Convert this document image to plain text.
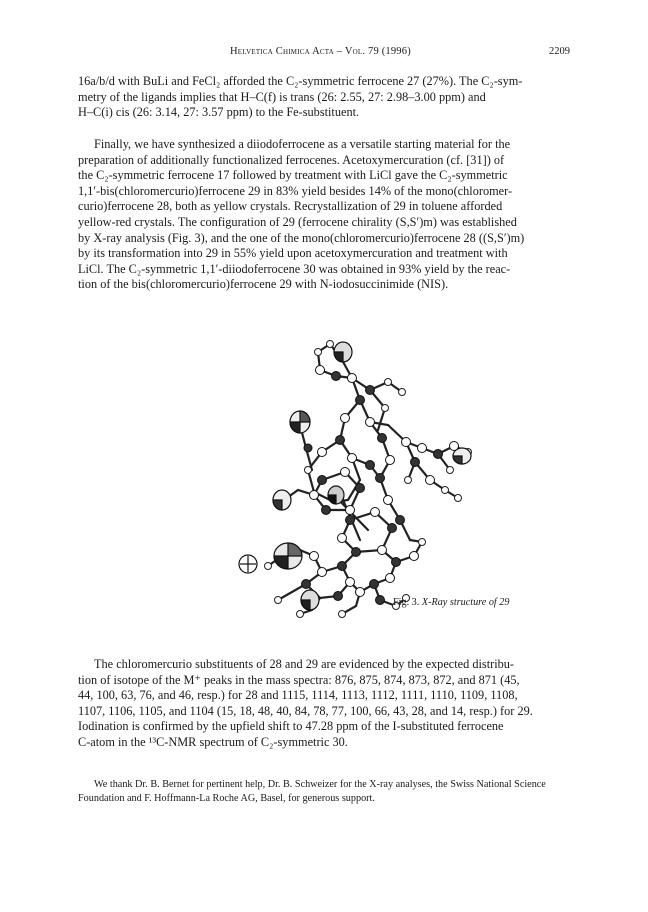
Helvetica Chimica Acta – Vol. 79 (1996)	2209

16a/b/d with BuLi and FeCl₂ afforded the C₂-symmetric ferrocene 27 (27%). The C₂-sym-
metry of the ligands implies that H–C(f) is trans (26: 2.55, 27: 2.98–3.00 ppm) and
H–C(i) cis (26: 3.14, 27: 3.57 ppm) to the Fe-substituent.

Finally, we have synthesized a diiodoferrocene as a versatile starting material for the
preparation of additionally functionalized ferrocenes. Acetoxymercuration (cf. [31]) of
the C₂-symmetric ferrocene 17 followed by treatment with LiCl gave the C₂-symmetric
1,1′-bis(chloromercurio)ferrocene 29 in 83% yield besides 14% of the mono(chloromer-
curio)ferrocene 28, both as yellow crystals. Recrystallization of 29 in toluene afforded
yellow-red crystals. The configuration of 29 (ferrocene chirality (S,S′)m) was established
by X-ray analysis (Fig. 3), and the one of the mono(chloromercurio)ferrocene 28 ((S,S′)m)
by its transformation into 29 in 55% yield upon acetoxymercuration and treatment with
LiCl. The C₂-symmetric 1,1′-diiodoferrocene 30 was obtained in 93% yield by the reac-
tion of the bis(chloromercurio)ferrocene 29 with N-iodosuccinimide (NIS).

Fig. 3. X-Ray structure of 29

The chloromercurio substituents of 28 and 29 are evidenced by the expected distribu-
tion of isotope of the M⁺ peaks in the mass spectra: 876, 875, 874, 873, 872, and 871 (45,
44, 100, 63, 76, and 46, resp.) for 28 and 1115, 1114, 1113, 1112, 1111, 1110, 1109, 1108,
1107, 1106, 1105, and 1104 (15, 18, 48, 40, 84, 78, 77, 100, 66, 43, 28, and 14, resp.) for 29.
Iodination is confirmed by the upfield shift to 47.28 ppm of the I-substituted ferrocene
C-atom in the ¹³C-NMR spectrum of C₂-symmetric 30.

We thank Dr. B. Bernet for pertinent help, Dr. B. Schweizer for the X-ray analyses, the Swiss National Science
Foundation and F. Hoffmann-La Roche AG, Basel, for generous support.
